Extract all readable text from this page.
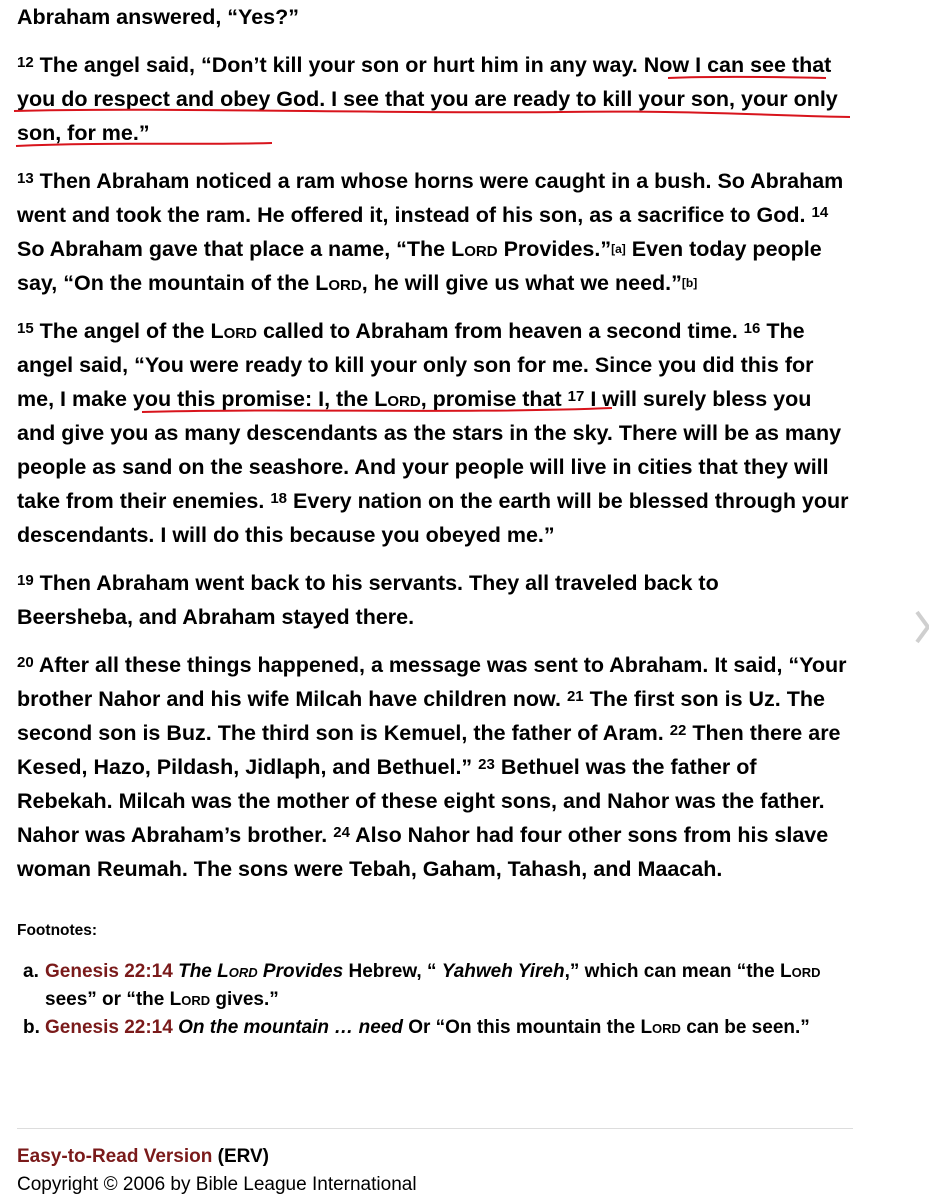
Abraham answered, “Yes?”

$^{12}$ The angel said, “Don’t kill your son or hurt him in any way. Now I can see that you do respect and obey God. I see that you are ready to kill your son, your only son, for me.”

$^{13}$ Then Abraham noticed a ram whose horns were caught in a bush. So Abraham went and took the ram. He offered it, instead of his son, as a sacrifice to God. $^{14}$ So Abraham gave that place a name, “The Lord Provides.”[a] Even today people say, “On the mountain of the Lord, he will give us what we need.”[b]

$^{15}$ The angel of the Lord called to Abraham from heaven a second time. $^{16}$ The angel said, “You were ready to kill your only son for me. Since you did this for me, I make you this promise: I, the Lord, promise that $^{17}$ I will surely bless you and give you as many descendants as the stars in the sky. There will be as many people as sand on the seashore. And your people will live in cities that they will take from their enemies. $^{18}$ Every nation on the earth will be blessed through your descendants. I will do this because you obeyed me.”

$^{19}$ Then Abraham went back to his servants. They all traveled back to Beersheba, and Abraham stayed there.

$^{20}$ After all these things happened, a message was sent to Abraham. It said, “Your brother Nahor and his wife Milcah have children now. $^{21}$ The first son is Uz. The second son is Buz. The third son is Kemuel, the father of Aram. $^{22}$ Then there are Kesed, Hazo, Pildash, Jidlaph, and Bethuel.” $^{23}$ Bethuel was the father of Rebekah. Milcah was the mother of these eight sons, and Nahor was the father. Nahor was Abraham’s brother. $^{24}$ Also Nahor had four other sons from his slave woman Reumah. The sons were Tebah, Gaham, Tahash, and Maacah.

Footnotes:

a. Genesis 22:14 The Lord Provides Hebrew, “ Yahweh Yireh,” which can mean “the Lord sees” or “the Lord gives.”
b. Genesis 22:14 On the mountain … need Or “On this mountain the Lord can be seen.”
Easy-to-Read Version (ERV)
Copyright © 2006 by Bible League International
